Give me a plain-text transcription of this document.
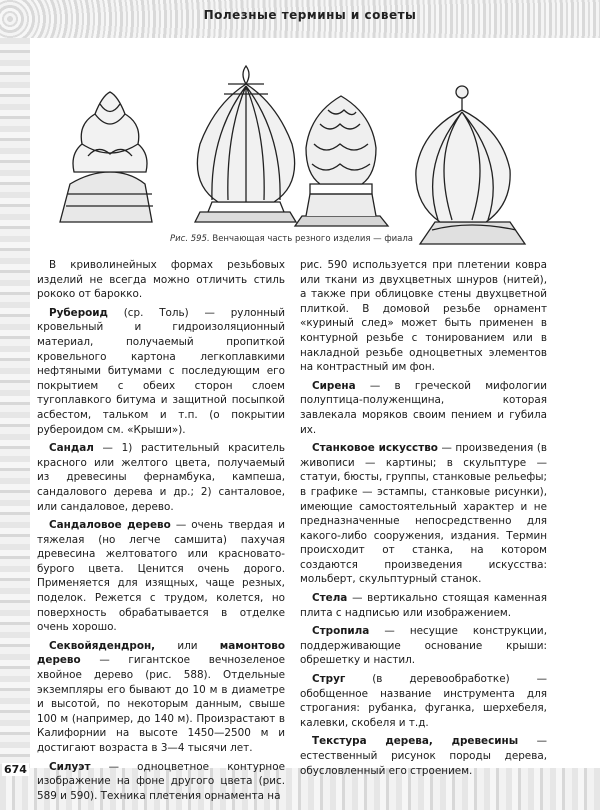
Полезные термины и советы
Рис. 595. Венчающая часть резного изделия — фиала

В криволинейных формах резьбовых изделий не всегда можно отличить стиль рококо от барокко.

Рубероид (ср. Толь) — рулонный кровельный и гидроизоляционный материал, получаемый пропиткой кровельного картона легкоплавкими нефтяными битумами с последующим его покрытием с обеих сторон слоем тугоплавкого битума и защитной посыпкой асбестом, тальком и т.п. (о покрытии рубероидом см. «Крыши»).

Сандал — 1) растительный краситель красного или желтого цвета, получаемый из древесины фернамбука, кампеша, сандалового дерева и др.; 2) санталовое, или сандаловое, дерево.

Сандаловое дерево — очень твердая и тяжелая (но легче самшита) пахучая древесина желтоватого или красновато-бурого цвета. Ценится очень дорого. Применяется для изящных, чаще резных, поделок. Режется с трудом, колется, но поверхность обрабатывается в отделке очень хорошо.

Секвойядендрон, или мамонтово дерево — гигантское вечнозеленое хвойное дерево (рис. 588). Отдельные экземпляры его бывают до 10 м в диаметре и высотой, по некоторым данным, свыше 100 м (например, до 140 м). Произрастают в Калифорнии на высоте 1450—2500 м и достигают возраста в 3—4 тысячи лет.

Силуэт — одноцветное контурное изображение на фоне другого цвета (рис. 589 и 590). Техника плетения орнамента на

рис. 590 используется при плетении ковра или ткани из двухцветных шнуров (нитей), а также при облицовке стены двухцветной плиткой. В домовой резьбе орнамент «куриный след» может быть применен в контурной резьбе с тонированием или в накладной резьбе одноцветных элементов на контрастный им фон.

Сирена — в греческой мифологии полуптица-полуженщина, которая завлекала моряков своим пением и губила их.

Станковое искусство — произведения (в живописи — картины; в скульптуре — статуи, бюсты, группы, станковые рельефы; в графике — эстампы, станковые рисунки), имеющие самостоятельный характер и не предназначенные непосредственно для какого-либо сооружения, издания. Термин происходит от станка, на котором создаются произведения искусства: мольберт, скульптурный станок.

Стела — вертикально стоящая каменная плита с надписью или изображением.

Стропила — несущие конструкции, поддерживающие основание крыши: обрешетку и настил.

Струг	(в деревообработке)	— обобщенное название инструмента для строгания: рубанка, фуганка, шерхебеля, калевки, скобеля и т.д.

Текстура дерева, древесины — естественный рисунок породы дерева, обусловленный его строением.

674
